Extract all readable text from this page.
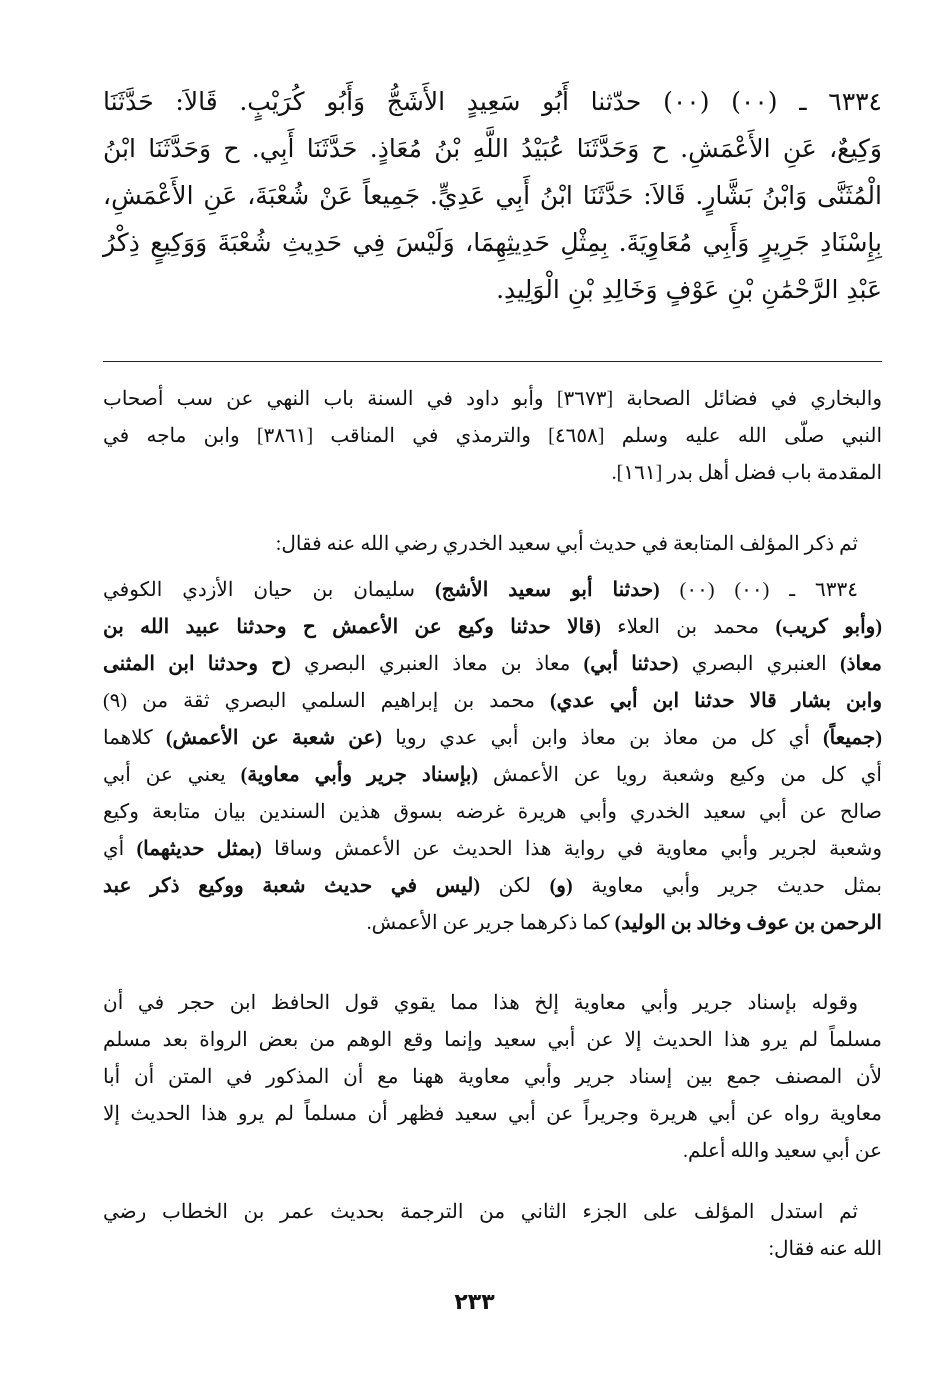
٦٣٣٤ ـ (٠٠) (٠٠) حدّثنا أَبُو سَعِيدٍ الأَشَجُّ وَأَبُو كُرَيْبٍ. قَالاَ: حَدَّثَنَا
وَكِيعٌ، عَنِ الأَعْمَشِ. ح وَحَدَّثَنَا عُبَيْدُ اللَّهِ بْنُ مُعَاذٍ. حَدَّثَنَا أَبِي. ح وَحَدَّثَنَا ابْنُ
الْمُثَنَّى وَابْنُ بَشَّارٍ. قَالاَ: حَدَّثَنَا ابْنُ أَبِي عَدِيٍّ. جَمِيعاً عَنْ شُعْبَةَ، عَنِ الأَعْمَشِ،
بِإِسْنَادِ جَرِيرٍ وَأَبِي مُعَاوِيَةَ. بِمِثْلِ حَدِيثِهِمَا، وَلَيْسَ فِي حَدِيثِ شُعْبَةَ وَوَكِيعٍ ذِكْرُ
عَبْدِ الرَّحْمَٰنِ بْنِ عَوْفٍ وَخَالِدِ بْنِ الْوَلِيدِ.
والبخاري في فضائل الصحابة [٣٦٧٣] وأبو داود في السنة باب النهي عن سب أصحاب
النبي صلّى الله عليه وسلم [٤٦٥٨] والترمذي في المناقب [٣٨٦١] وابن ماجه في
المقدمة باب فضل أهل بدر [١٦١].
ثم ذكر المؤلف المتابعة في حديث أبي سعيد الخدري رضي الله عنه فقال:
٦٣٣٤ ـ (٠٠) (٠٠) (حدثنا أبو سعيد الأشج) سليمان بن حيان الأزدي الكوفي
(وأبو كريب) محمد بن العلاء (قالا حدثنا وكيع عن الأعمش ح وحدثنا عبيد الله بن
معاذ) العنبري البصري (حدثنا أبي) معاذ بن معاذ العنبري البصري (ح وحدثنا ابن المثنى
وابن بشار قالا حدثنا ابن أبي عدي) محمد بن إبراهيم السلمي البصري ثقة من (٩)
(جميعاً) أي كل من معاذ بن معاذ وابن أبي عدي رويا (عن شعبة عن الأعمش) كلاهما
أي كل من وكيع وشعبة رويا عن الأعمش (بإسناد جرير وأبي معاوية) يعني عن أبي
صالح عن أبي سعيد الخدري وأبي هريرة غرضه بسوق هذين السندين بيان متابعة وكيع
وشعبة لجرير وأبي معاوية في رواية هذا الحديث عن الأعمش وساقا (بمثل حديثهما) أي
بمثل حديث جرير وأبي معاوية (و) لكن (ليس في حديث شعبة ووكيع ذكر عبد
الرحمن بن عوف وخالد بن الوليد) كما ذكرهما جرير عن الأعمش.
وقوله بإسناد جرير وأبي معاوية إلخ هذا مما يقوي قول الحافظ ابن حجر في أن
مسلماً لم يرو هذا الحديث إلا عن أبي سعيد وإنما وقع الوهم من بعض الرواة بعد مسلم
لأن المصنف جمع بين إسناد جرير وأبي معاوية ههنا مع أن المذكور في المتن أن أبا
معاوية رواه عن أبي هريرة وجريراً عن أبي سعيد فظهر أن مسلماً لم يرو هذا الحديث إلا
عن أبي سعيد والله أعلم.
ثم استدل المؤلف على الجزء الثاني من الترجمة بحديث عمر بن الخطاب رضي
الله عنه فقال:
٢٣٣
